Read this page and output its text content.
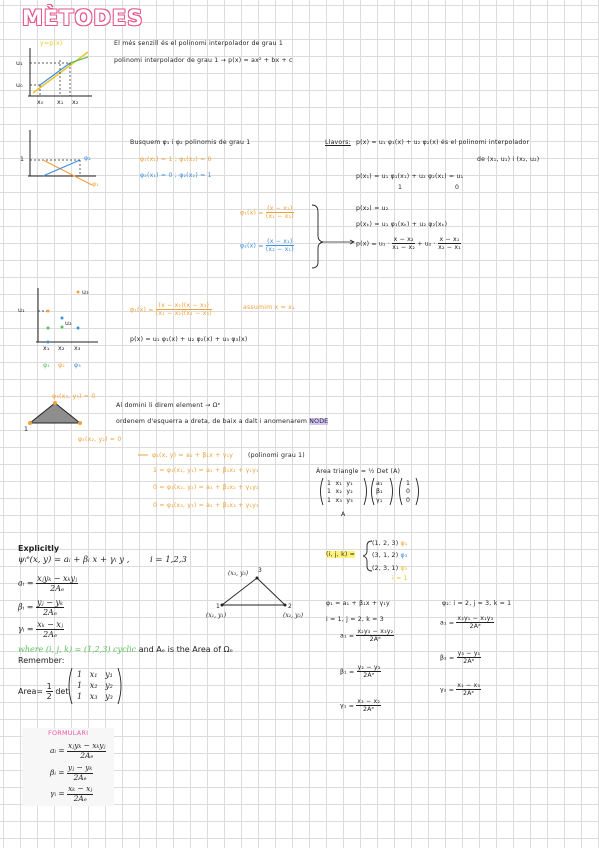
MÈTODES
y=p(x)
u₁
u₀
x₀ x₁ x₂
El més senzill és el polinomi interpolador de grau 1
polinomi interpolador de grau 1 → p(x) = ax² + bx + c
1	φ₂
φ₁
Busquem φ₁ i φ₂ polinomis de grau 1
φ₁(x₁) = 1 ; φ₁(x₂) = 0
φ₂(x₁) = 0 ; φ₂(x₂) = 1
$\varphi_1(x) = \frac{\text{(x − x₂)}}{\text{(x₁ − x₂)}}$
$\varphi_2(x) = \frac{\text{(x − x₁)}}{\text{(x₂ − x₁)}}$
Llavors: p(x) = u₁ φ₁(x) + u₂ φ₂(x) és el polinomi interpolador
de (x₁, u₁) i (x₂, u₂)
p(x₁) = u₁ φ₁(x₁) + u₂ φ₂(x₁) = u₁
1	0
p(x₂) = u₂
p(xₖ) = u₁ φ₁(xₖ) + u₂ φ₂(xₖ)
$p(x) = u_1 \cdot \frac{\text{x − x₂}}{\text{x₁ − x₂}} + u_2 \cdot \frac{\text{x − x₁}}{\text{x₂ − x₁}}$
u₃
u₁
u₂
x₁ x₂ x₃
φ₁ φ₂ φ₃
$\varphi_1(x) = \frac{\text{(x − x₂)(x − x₃)}}{\text{(x₁ − x₂)(x₁ − x₃)}}$	assumim x = x₁
p(x) = u₁ φ₁(x) + u₂ φ₂(x) + u₃ φ₃(x)
φ₃(x₃, y₃) = 0
1
φ₁(x₂, y₂) = 0
Al domini li direm element → Ωᵉ
ordenem d'esquerra a dreta, de baix a dalt i anomenarem NODE
φ₁(x, y) = a₁ + β₁x + γ₁y (polinomi grau 1)
1 = φ₁(x₁, y₁) = a₁ + β₁x₁ + γ₁y₁
0 = φ₁(x₂, y₂) = a₁ + β₁x₂ + γ₁y₂
0 = φ₁(x₃, y₃) = a₁ + β₁x₃ + γ₁y₃
Àrea triangle = ½ Det (A)
1 x₁ y₁
1 x₂ y₂
1 x₃ y₃
a₁
β₁
γ₁
1
0
0
A
Explicitly
ψᵢᵉ(x, y) = aᵢ + βᵢ x + γᵢ y , i = 1,2,3
aᵢ = $\frac{\text{xⱼyₖ − xₖyⱼ}}{\text{2Aₑ}}$
βᵢ = $\frac{\text{yⱼ − yₖ}}{\text{2Aₑ}}$
γᵢ = $\frac{\text{xₖ − xⱼ}}{\text{2Aₑ}}$
where (i, j, k) = (1,2,3) cyclic and Aₑ is the Area of Ωₑ
Remember:
Area= $\frac{1}{2}$ det
1 x₁ y₁
1 x₂ y₂
1 x₃ y₃
(x₃, y₃) 3
1
(x₁, y₁)
2
(x₂, y₂)
(i, j, k) =
(1, 2, 3) φ₁
(3, 1, 2) φ₃
(2, 3, 1) φ₂
i = 1
φ₁ = a₁ + β₁x + γ₁y
i = 1, j = 2, k = 3
$a_1 = \frac{\text{x₂y₃ − x₃y₂}}{\text{2Aᵉ}}$
$\beta_1 = \frac{\text{y₂ − y₃}}{\text{2Aᵉ}}$
$\gamma_1 = \frac{\text{x₃ − x₂}}{\text{2Aᵉ}}$
φ₂: i = 2, j = 3, k = 1
$a_1 = \frac{\text{x₃y₁ − x₁y₃}}{\text{2Aᵉ}}$
$\beta_2 = \frac{\text{y₃ − y₁}}{\text{2Aᵉ}}$
$\gamma_2 = \frac{\text{x₁ − x₃}}{\text{2Aᵉ}}$
FORMULARI
aᵢ = $\frac{\text{xⱼyₖ − xₖyⱼ}}{\text{2Aₑ}}$
βᵢ = $\frac{\text{yⱼ − yₖ}}{\text{2Aₑ}}$
γᵢ = $\frac{\text{xₖ − xⱼ}}{\text{2Aₑ}}$
